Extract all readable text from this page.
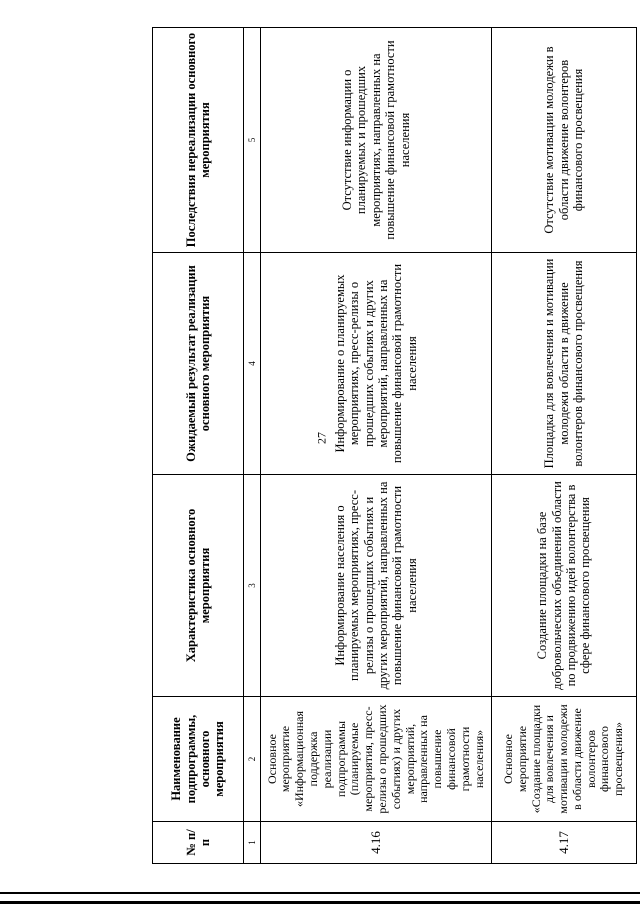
27
№ п/п	Наименование подпрограммы, основного мероприятия	Характеристика основного мероприятия	Ожидаемый результат реализации основного мероприятия	Последствия нереализации основного мероприятия
1	2	3	4	5
4.16	Основное мероприятие «Информационная поддержка реализации подпрограммы (планируемые мероприятия, пресс-релизы о прошедших событиях) и других мероприятий, направленных на повышение финансовой грамотности населения»	Информирование населения о планируемых мероприятиях, пресс-релизы о прошедших событиях и других мероприятий, направленных на повышение финансовой грамотности населения	Информирование о планируемых мероприятиях, пресс-релизы о прошедших событиях и других мероприятий, направленных на повышение финансовой грамотности населения	Отсутствие информации о планируемых и прошедших мероприятиях, направленных на повышение финансовой грамотности населения
4.17	Основное мероприятие «Создание площадки для вовлечения и мотивации молодежи в области движение волонтеров финансового просвещения»	Создание площадки на базе добровольческих объединений области по продвижению идей волонтерства в сфере финансового просвещения	Площадка для вовлечения и мотивации молодежи области в движение волонтеров финансового просвещения	Отсутствие мотивации молодежи в области движение волонтеров финансового просвещения
